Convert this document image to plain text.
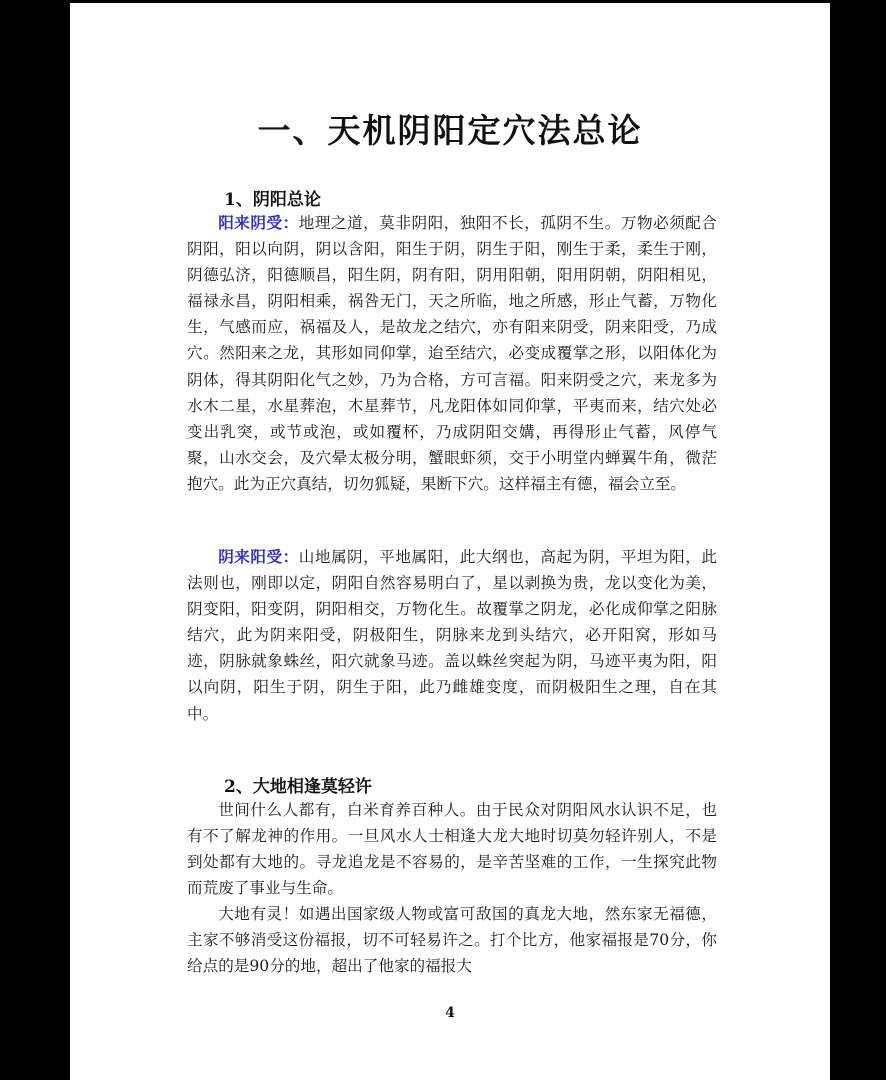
一、天机阴阳定穴法总论
1、阴阳总论

阳来阴受：地理之道，莫非阴阳，独阳不长，孤阴不生。万物必须配合阴阳，阳以向阴，阴以含阳，阳生于阴，阴生于阳，刚生于柔，柔生于刚，阴德弘济，阳德顺昌，阳生阴，阴有阳，阴用阳朝，阳用阴朝，阴阳相见，福禄永昌，阴阳相乘，祸咎无门，天之所临，地之所感，形止气蓄，万物化生，气感而应，祸福及人，是故龙之结穴，亦有阳来阴受，阴来阳受，乃成穴。然阳来之龙，其形如同仰掌，迨至结穴，必变成覆掌之形，以阳体化为阴体，得其阴阳化气之妙，乃为合格，方可言福。阳来阴受之穴，来龙多为水木二星，水星葬泡，木星葬节，凡龙阳体如同仰掌，平夷而来，结穴处必变出乳突，或节或泡，或如覆杯，乃成阴阳交媾，再得形止气蓄，风停气聚，山水交会，及穴晕太极分明，蟹眼虾须，交于小明堂内蝉翼牛角，微茫抱穴。此为正穴真结，切勿狐疑，果断下穴。这样福主有德，福会立至。

阴来阳受：山地属阴，平地属阳，此大纲也，高起为阴，平坦为阳，此法则也，刚即以定，阴阳自然容易明白了，星以剥换为贵，龙以变化为美，阴变阳，阳变阴，阴阳相交，万物化生。故覆掌之阴龙，必化成仰掌之阳脉结穴，此为阴来阳受，阴极阳生，阴脉来龙到头结穴，必开阳窝，形如马迹，阴脉就象蛛丝，阳穴就象马迹。盖以蛛丝突起为阴，马迹平夷为阳，阳以向阴，阳生于阴，阴生于阳，此乃雌雄变度，而阴极阳生之理，自在其中。

2、大地相逢莫轻许

世间什么人都有，白米育养百种人。由于民众对阴阳风水认识不足，也有不了解龙神的作用。一旦风水人士相逢大龙大地时切莫勿轻许别人，不是到处都有大地的。寻龙追龙是不容易的，是辛苦坚难的工作，一生探究此物而荒废了事业与生命。

大地有灵！如遇出国家级人物或富可敌国的真龙大地，然东家无福德，主家不够消受这份福报，切不可轻易许之。打个比方，他家福报是70分，你给点的是90分的地，超出了他家的福报大

4
